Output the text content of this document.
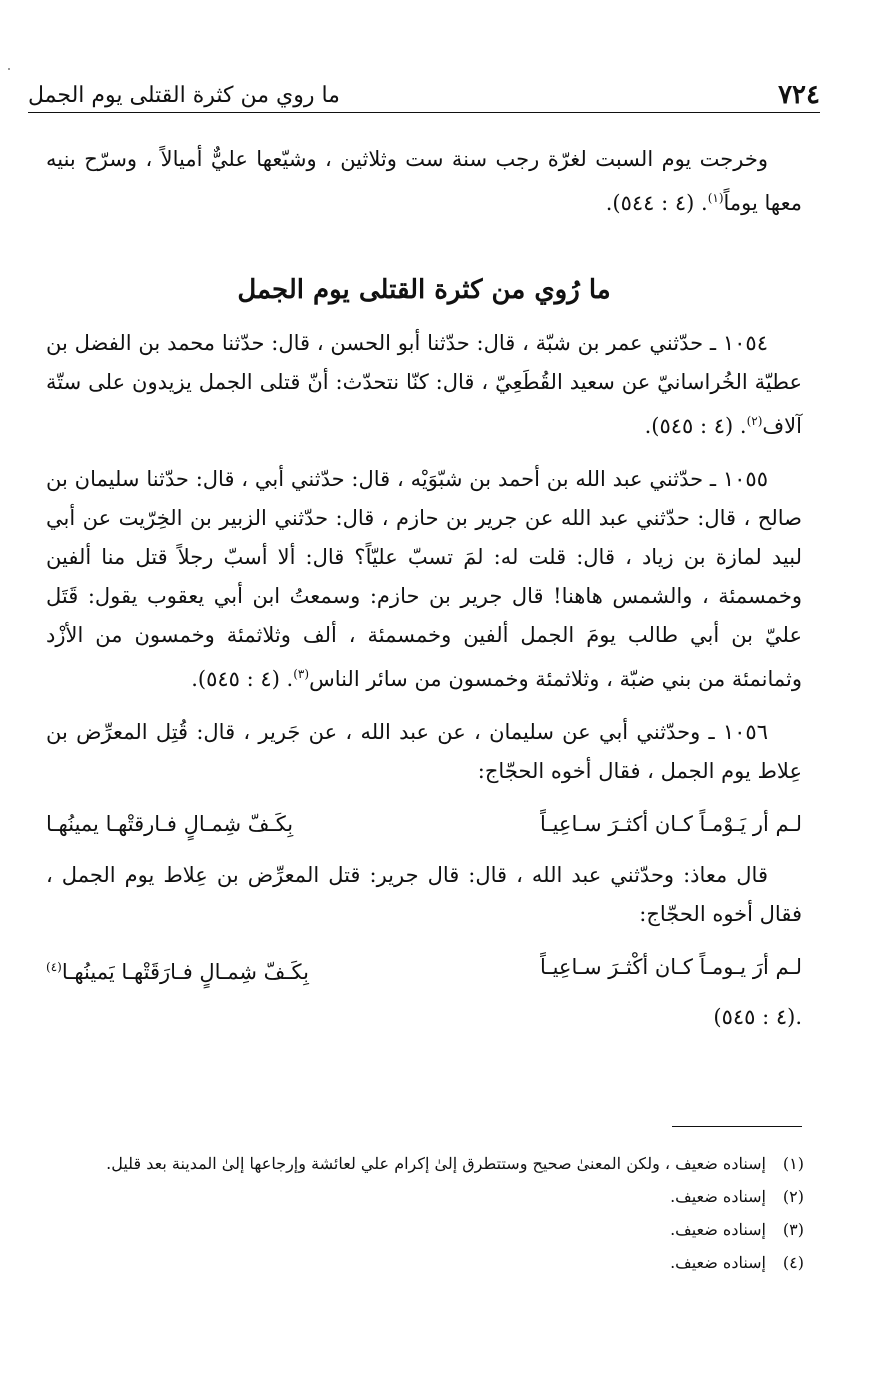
٧٢٤
ما روي من كثرة القتلى يوم الجمل

وخرجت يوم السبت لغرّة رجب سنة ست وثلاثين ، وشيّعها عليٌّ أميالاً ، وسرّح بنيه معها يوماً$^{(١)}$. (٤ : ٥٤٤).

ما رُوي من كثرة القتلى يوم الجمل

١٠٥٤ ـ حدّثني عمر بن شبّة ، قال: حدّثنا أبو الحسن ، قال: حدّثنا محمد بن الفضل بن عطيّة الخُراسانيّ عن سعيد القُطَعِيّ ، قال: كنّا نتحدّث: أنّ قتلى الجمل يزيدون على ستّة آلاف$^{(٢)}$. (٤ : ٥٤٥).

١٠٥٥ ـ حدّثني عبد الله بن أحمد بن شبّوَيْه ، قال: حدّثني أبي ، قال: حدّثنا سليمان بن صالح ، قال: حدّثني عبد الله عن جرير بن حازم ، قال: حدّثني الزبير بن الخِرّيت عن أبي لبيد لمازة بن زياد ، قال: قلت له: لمَ تسبّ عليّاً؟ قال: ألا أسبّ رجلاً قتل منا ألفين وخمسمئة ، والشمس هاهنا! قال جرير بن حازم: وسمعتُ ابن أبي يعقوب يقول: قَتَل عليّ بن أبي طالب يومَ الجمل ألفين وخمسمئة ، ألف وثلاثمئة وخمسون من الأزْد وثمانمئة من بني ضبّة ، وثلاثمئة وخمسون من سائر الناس$^{(٣)}$. (٤ : ٥٤٥).

١٠٥٦ ـ وحدّثني أبي عن سليمان ، عن عبد الله ، عن جَرير ، قال: قُتِل المعرِّض بن عِلاط يوم الجمل ، فقال أخوه الحجّاج:

لـم أر يَـوْمـاً كـان أكثـرَ سـاعِيـاً
بِكَـفّ شِمـالٍ فـارقتْهـا يمينُهـا

قال معاذ: وحدّثني عبد الله ، قال: قال جرير: قتل المعرِّض بن عِلاط يوم الجمل ، فقال أخوه الحجّاج:

لـم أرَ يـومـاً كـان أكْثـرَ سـاعِيـاً
بِكَـفّ شِمـالٍ فـارَقَتْهـا يَمينُهـا$^{(٤)}$
.(٤ : ٥٤٥)
(١)
إسناده ضعيف ، ولكن المعنىٰ صحيح وستتطرق إلىٰ إكرام علي لعائشة وإرجاعها إلىٰ المدينة بعد قليل.
(٢)
إسناده ضعيف.
(٣)
إسناده ضعيف.
(٤)
إسناده ضعيف.
